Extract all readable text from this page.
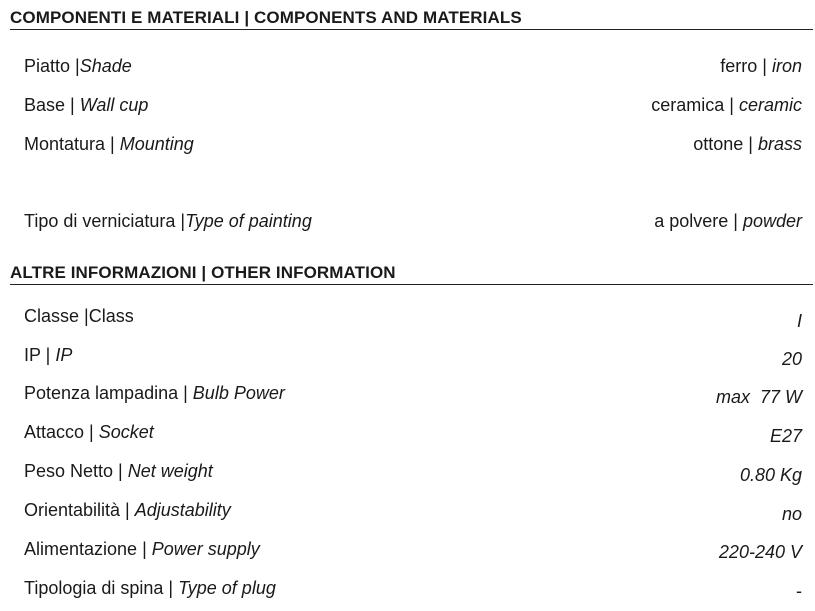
COMPONENTI E MATERIALI | COMPONENTS AND MATERIALS
Piatto |Shade	ferro | iron
Base | Wall cup	ceramica | ceramic
Montatura | Mounting	ottone | brass
Tipo di verniciatura |Type of painting	a polvere | powder
ALTRE INFORMAZIONI | OTHER INFORMATION
Classe |Class	I
IP | IP	20
Potenza lampadina | Bulb Power	max  77 W
Attacco | Socket	E27
Peso Netto | Net weight	0.80 Kg
Orientabilità | Adjustability	no
Alimentazione | Power supply	220-240 V
Tipologia di spina | Type of plug	-
